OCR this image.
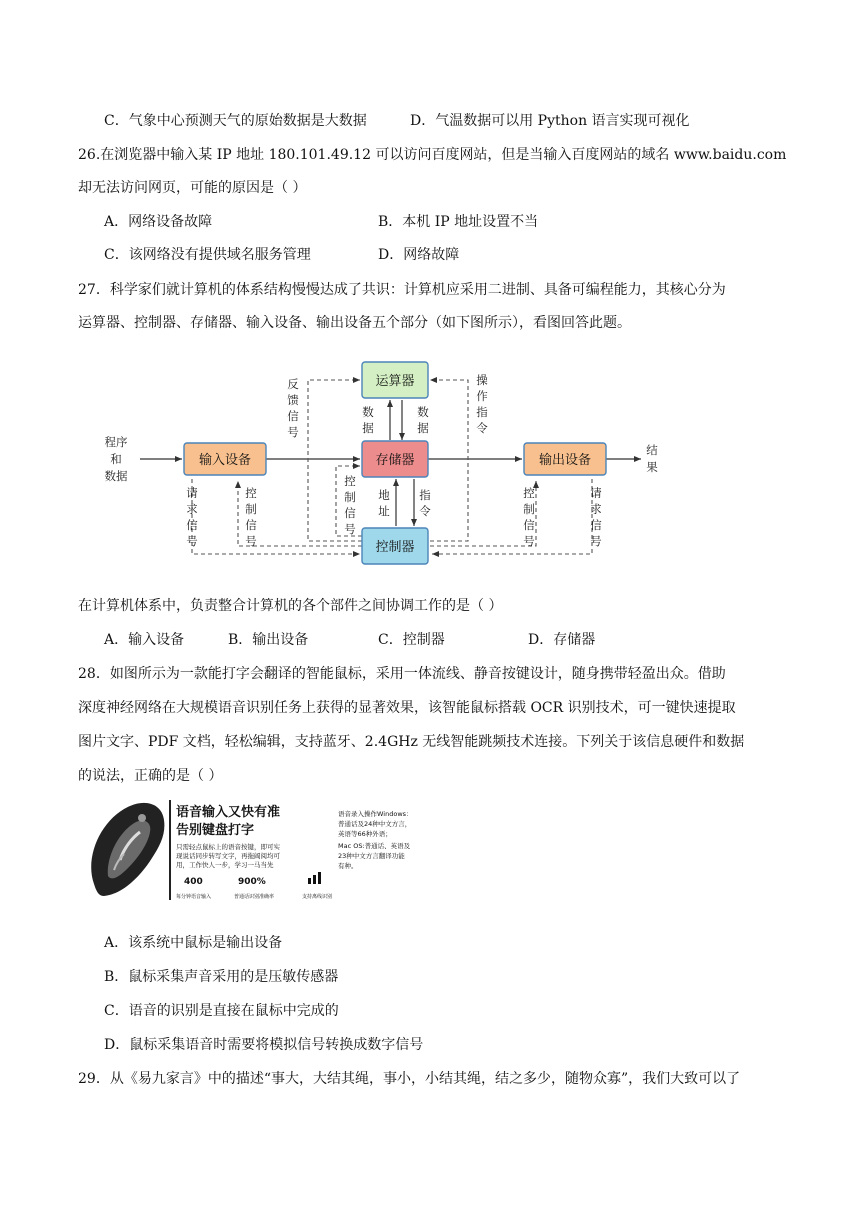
C．气象中心预测天气的原始数据是大数据	D．气温数据可以用 Python 语言实现可视化
26.在浏览器中输入某 IP 地址 180.101.49.12 可以访问百度网站，但是当输入百度网站的域名 www.baidu.com
却无法访问网页，可能的原因是（ ）
A．网络设备故障	B．本机 IP 地址设置不当
C．该网络没有提供域名服务管理	D．网络故障
27．科学家们就计算机的体系结构慢慢达成了共识：计算机应采用二进制、具备可编程能力，其核心分为
运算器、控制器、存储器、输入设备、输出设备五个部分（如下图所示），看图回答此题。
运算器
存储器
控制器
输入设备	输出设备
程序
和
数据
结
果
反
馈
信
号
操
作
指
令
数
据
数
据
请
求
信
号
控
制
信
号
控
制
信
号
地
址
指
令
控
制
信
号
请
求
信
号
在计算机体系中，负责整合计算机的各个部件之间协调工作的是（ ）
A．输入设备	B．输出设备	C．控制器	D．存储器
28．如图所示为一款能打字会翻译的智能鼠标，采用一体流线、静音按键设计，随身携带轻盈出众。借助
深度神经网络在大规模语音识别任务上获得的显著效果，该智能鼠标搭载 OCR 识别技术，可一键快速提取
图片文字、PDF 文档，轻松编辑，支持蓝牙、2.4GHz 无线智能跳频技术连接。下列关于该信息硬件和数据
的说法，正确的是（ ）
语音输入又快有准
告别键盘打字
只需轻点鼠标上的语音按键，即可实
现说话同步转写文字，再拖阔阅均可
用，工作快人一步，学习一马当先
400	900%
每分钟语音输入	普通话识别准确率	支持离线识别
语音录入操作Windows：
普通话及24种中文方言，
英语等66种外语；
Mac OS:普通话、英语及
23种中文方言翻译功能
有种。
A．该系统中鼠标是输出设备
B．鼠标采集声音采用的是压敏传感器
C．语音的识别是直接在鼠标中完成的
D．鼠标采集语音时需要将模拟信号转换成数字信号
29．从《易九家言》中的描述“事大，大结其绳，事小，小结其绳，结之多少，随物众寡”，我们大致可以了
